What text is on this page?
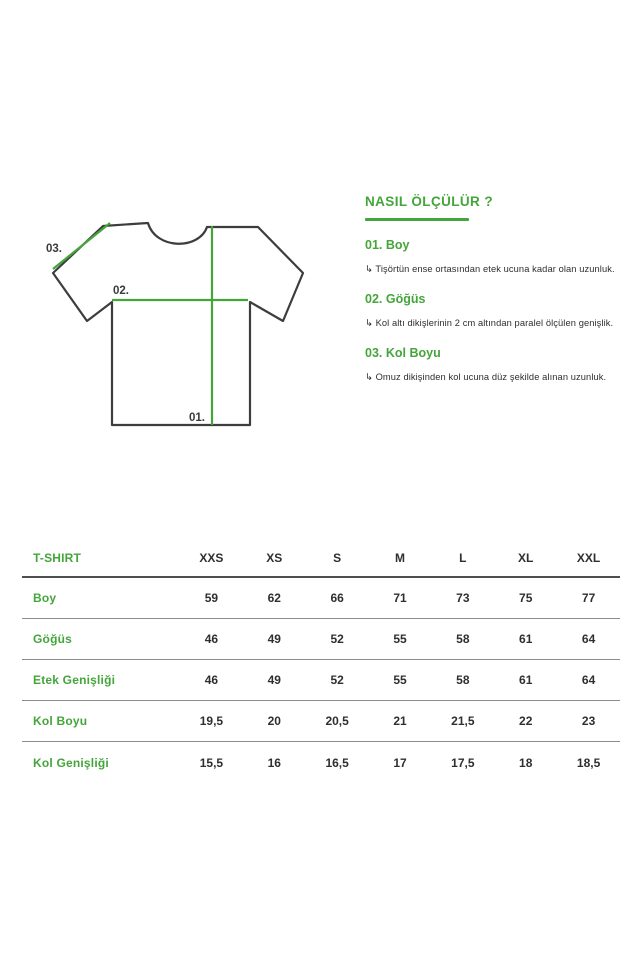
03.
02.
01.
NASIL ÖLÇÜLÜR ?
01. Boy
↳ Tişörtün ense ortasından etek ucuna kadar olan uzunluk.
02. Göğüs
↳ Kol altı dikişlerinin 2 cm altından paralel ölçülen genişlik.
03. Kol Boyu
↳ Omuz dikişinden kol ucuna düz şekilde alınan uzunluk.
T-SHIRT	XXS	XS	S	M	L	XL	XXL
Boy	59	62	66	71	73	75	77
Göğüs	46	49	52	55	58	61	64
Etek Genişliği	46	49	52	55	58	61	64
Kol Boyu	19,5	20	20,5	21	21,5	22	23
Kol Genişliği	15,5	16	16,5	17	17,5	18	18,5
